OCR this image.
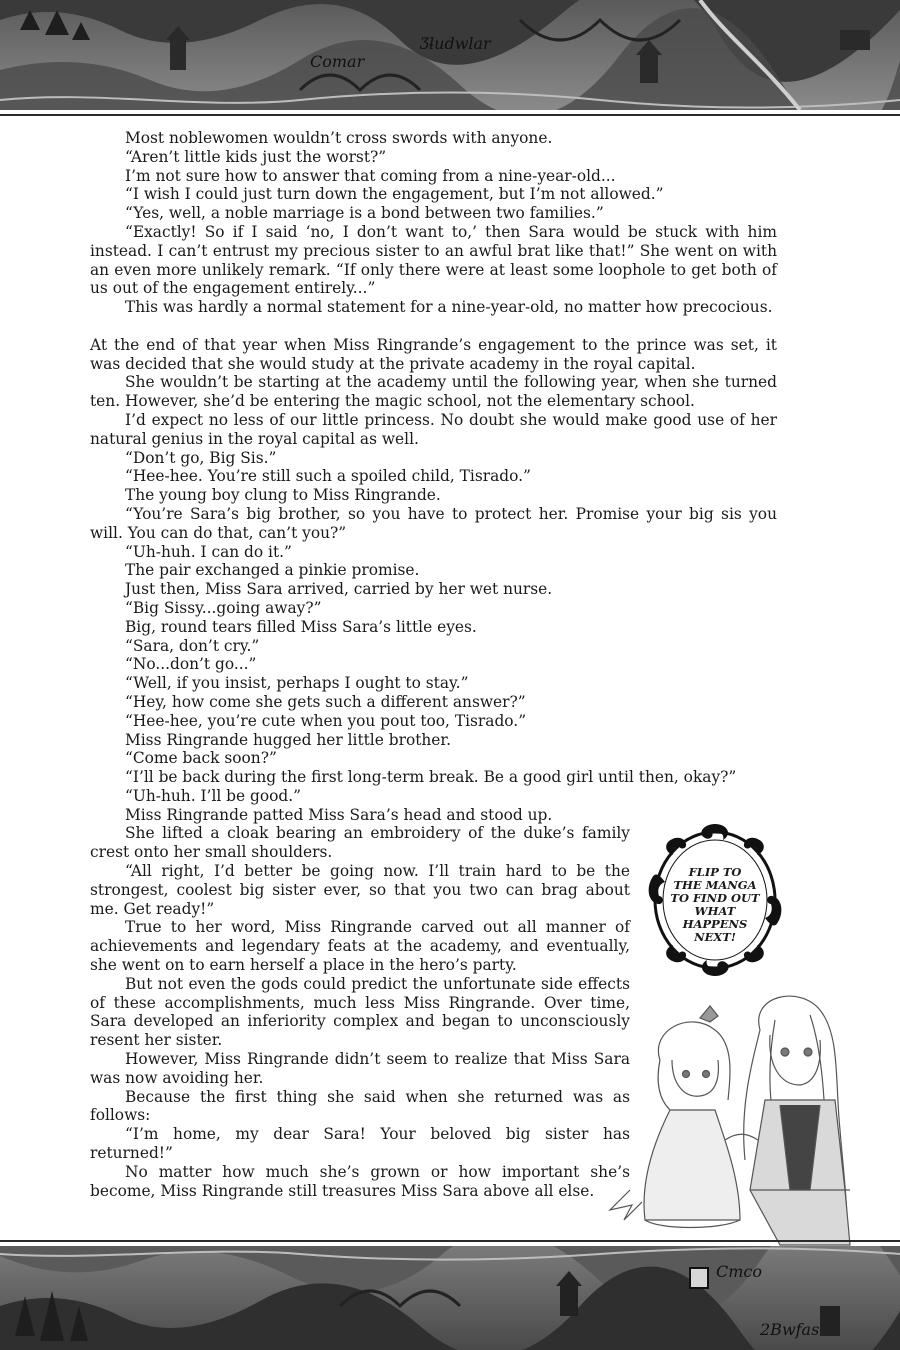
Comar
Ʒƚudwlar

Most noblewomen wouldn’t cross swords with anyone.

“Aren’t little kids just the worst?”

I’m not sure how to answer that coming from a nine-year-old...

“I wish I could just turn down the engagement, but I’m not allowed.”

“Yes, well, a noble marriage is a bond between two families.”

“Exactly! So if I said ‘no, I don’t want to,’ then Sara would be stuck with him instead. I can’t entrust my precious sister to an awful brat like that!” She went on with an even more unlikely remark. “If only there were at least some loophole to get both of us out of the engagement entirely...”

This was hardly a normal statement for a nine-year-old, no matter how precocious.

At the end of that year when Miss Ringrande’s engagement to the prince was set, it was decided that she would study at the private academy in the royal capital.

She wouldn’t be starting at the academy until the following year, when she turned ten. However, she’d be entering the magic school, not the elementary school.

I’d expect no less of our little princess. No doubt she would make good use of her natural genius in the royal capital as well.

“Don’t go, Big Sis.”

“Hee-hee. You’re still such a spoiled child, Tisrado.”

The young boy clung to Miss Ringrande.

“You’re Sara’s big brother, so you have to protect her. Promise your big sis you will. You can do that, can’t you?”

“Uh-huh. I can do it.”

The pair exchanged a pinkie promise.

Just then, Miss Sara arrived, carried by her wet nurse.

“Big Sissy...going away?”

Big, round tears filled Miss Sara’s little eyes.

“Sara, don’t cry.”

“No...don’t go...”

“Well, if you insist, perhaps I ought to stay.”

“Hey, how come she gets such a different answer?”

“Hee-hee, you’re cute when you pout too, Tisrado.”

Miss Ringrande hugged her little brother.

“Come back soon?”

“I’ll be back during the first long-term break. Be a good girl until then, okay?”

“Uh-huh. I’ll be good.”

Miss Ringrande patted Miss Sara’s head and stood up.

She lifted a cloak bearing an embroidery of the duke’s family crest onto her small shoulders.

“All right, I’d better be going now. I’ll train hard to be the strongest, coolest big sister ever, so that you two can brag about me. Get ready!”

True to her word, Miss Ringrande carved out all manner of achievements and legendary feats at the academy, and eventually, she went on to earn herself a place in the hero’s party.

But not even the gods could predict the unfortunate side effects of these accomplishments, much less Miss Ringrande. Over time, Sara developed an inferiority complex and began to unconsciously resent her sister.

However, Miss Ringrande didn’t seem to realize that Miss Sara was now avoiding her.

Because the first thing she said when she returned was as follows:

“I’m home, my dear Sara! Your beloved big sister has returned!”

No matter how much she’s grown or how important she’s become, Miss Ringrande still treasures Miss Sara above all else.

FLIP TO
THE MANGA
TO FIND OUT
WHAT
HAPPENS
NEXT!
Cmco
2Bwfas
